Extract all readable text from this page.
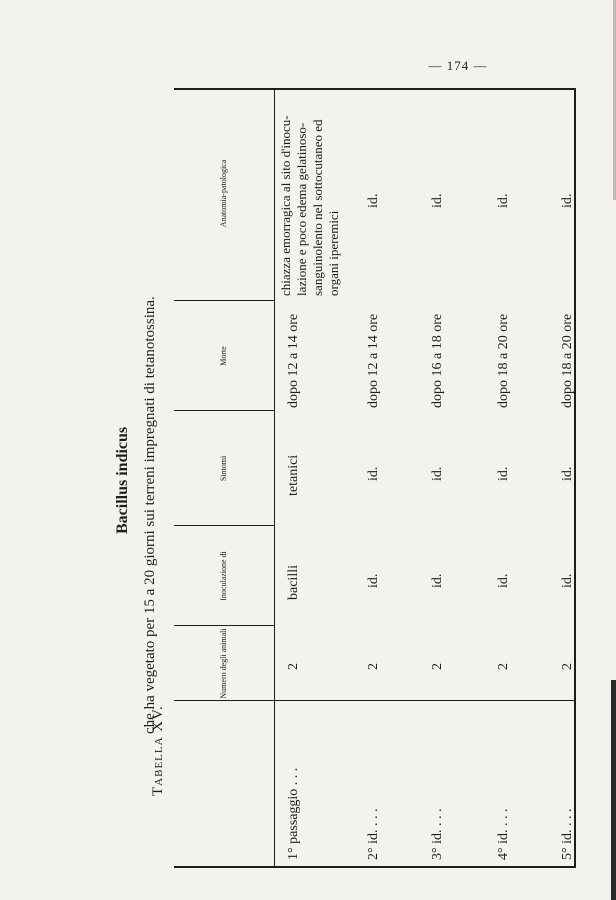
— 174 —
Bacillus indicus che ha vegetato per 15 a 20 giorni sui terreni impregnati di tetanotossina.
Tabella XV.
Numero degli animali
Inoculazione di
Sintomi
Morte
Anatomia-patologica
1° passaggio . . .
2
bacilli
tetanici
dopo 12 a 14 ore
chiazza emorragica al sito d'inocu- lazione e poco edema gelatinoso- sanguinolento nel sottocutaneo ed organi iperemici
2° id. . . .
2
id.
id.
dopo 12 a 14 ore
id.
3° id. . . .
2
id.
id.
dopo 16 a 18 ore
id.
4° id. . . .
2
id.
id.
dopo 18 a 20 ore
id.
5° id. . . .
2
id.
id.
dopo 18 a 20 ore
id.
